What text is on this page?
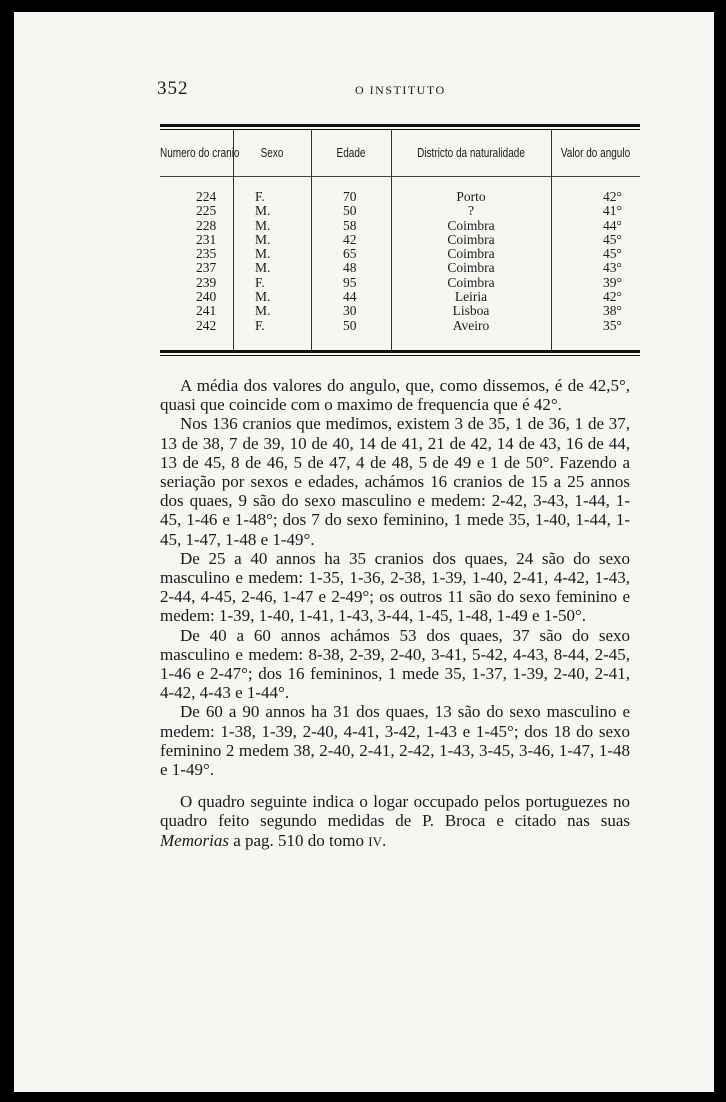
352	O INSTITUTO
Numero do cranio	Sexo	Edade	Districto da naturalidade	Valor do angulo
224	F.	70	Porto	42°
225	M.	50	?	41°
228	M.	58	Coimbra	44°
231	M.	42	Coimbra	45°
235	M.	65	Coimbra	45°
237	M.	48	Coimbra	43°
239	F.	95	Coimbra	39°
240	M.	44	Leiria	42°
241	M.	30	Lisboa	38°
242	F.	50	Aveiro	35°

A média dos valores do angulo, que, como dissemos, é de 42,5°, quasi que coincide com o maximo de frequencia que é 42°.

Nos 136 cranios que medimos, existem 3 de 35, 1 de 36, 1 de 37, 13 de 38, 7 de 39, 10 de 40, 14 de 41, 21 de 42, 14 de 43, 16 de 44, 13 de 45, 8 de 46, 5 de 47, 4 de 48, 5 de 49 e 1 de 50°. Fazendo a seriação por sexos e edades, achámos 16 cranios de 15 a 25 annos dos quaes, 9 são do sexo masculino e medem: 2-42, 3-43, 1-44, 1-45, 1-46 e 1-48°; dos 7 do sexo feminino, 1 mede 35, 1-40, 1-44, 1-45, 1-47, 1-48 e 1-49°.

De 25 a 40 annos ha 35 cranios dos quaes, 24 são do sexo masculino e medem: 1-35, 1-36, 2-38, 1-39, 1-40, 2-41, 4-42, 1-43, 2-44, 4-45, 2-46, 1-47 e 2-49°; os outros 11 são do sexo feminino e medem: 1-39, 1-40, 1-41, 1-43, 3-44, 1-45, 1-48, 1-49 e 1-50°.

De 40 a 60 annos achámos 53 dos quaes, 37 são do sexo masculino e medem: 8-38, 2-39, 2-40, 3-41, 5-42, 4-43, 8-44, 2-45, 1-46 e 2-47°; dos 16 femininos, 1 mede 35, 1-37, 1-39, 2-40, 2-41, 4-42, 4-43 e 1-44°.

De 60 a 90 annos ha 31 dos quaes, 13 são do sexo masculino e medem: 1-38, 1-39, 2-40, 4-41, 3-42, 1-43 e 1-45°; dos 18 do sexo feminino 2 medem 38, 2-40, 2-41, 2-42, 1-43, 3-45, 3-46, 1-47, 1-48 e 1-49°.

O quadro seguinte indica o logar occupado pelos portuguezes no quadro feito segundo medidas de P. Broca e citado nas suas Memorias a pag. 510 do tomo IV.
